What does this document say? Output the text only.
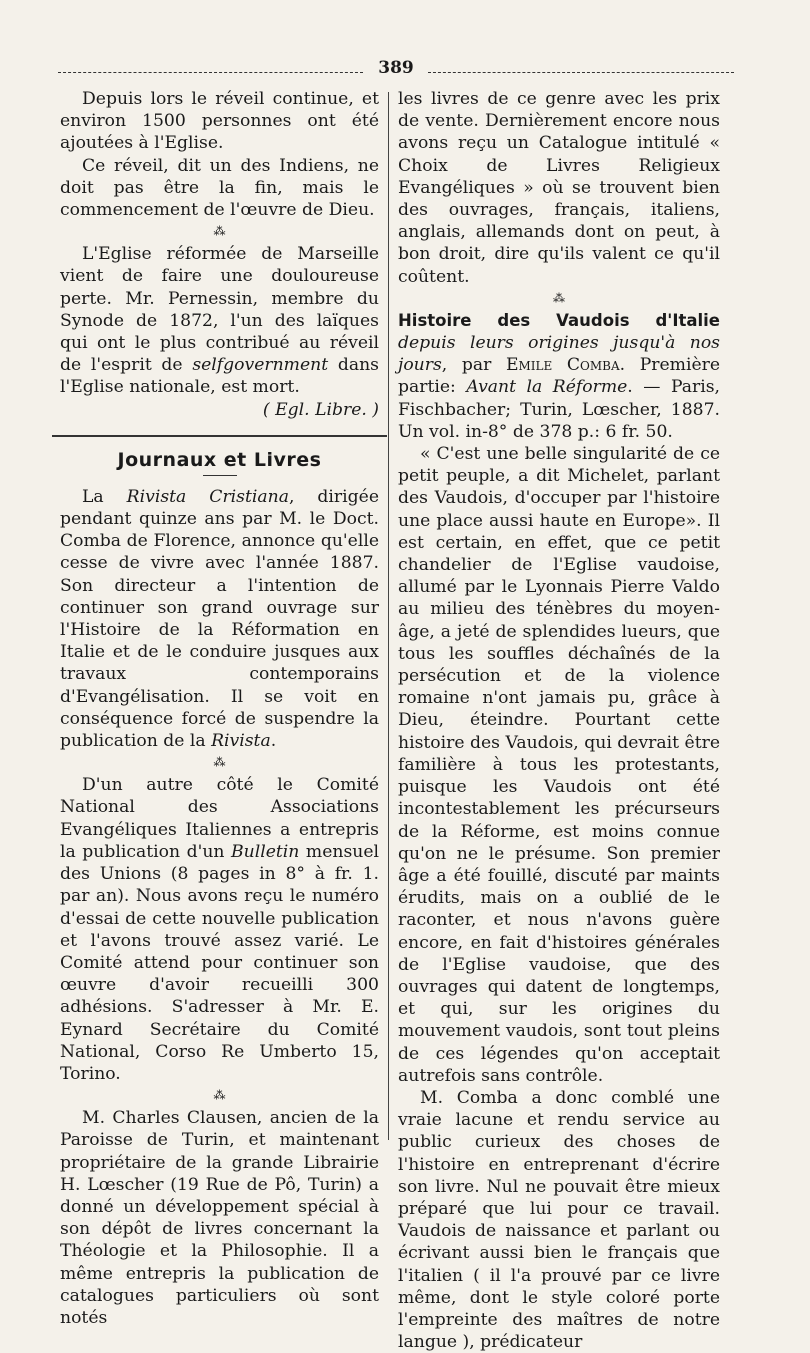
389

Depuis lors le réveil continue, et environ 1500 personnes ont été ajoutées à l'Eglise.

Ce réveil, dit un des Indiens, ne doit pas être la fin, mais le commencement de l'œuvre de Dieu.

⁂

L'Eglise réformée de Marseille vient de faire une douloureuse perte. Mr. Pernessin, membre du Synode de 1872, l'un des laïques qui ont le plus contribué au réveil de l'esprit de selfgovernment dans l'Eglise nationale, est mort.

( Egl. Libre. )

Journaux et Livres

La Rivista Cristiana, dirigée pendant quinze ans par M. le Doct. Comba de Florence, annonce qu'elle cesse de vivre avec l'année 1887. Son directeur a l'intention de continuer son grand ouvrage sur l'Histoire de la Réformation en Italie et de le conduire jusques aux travaux contemporains d'Evangélisation. Il se voit en conséquence forcé de suspendre la publication de la Rivista.

⁂

D'un autre côté le Comité National des Associations Evangéliques Italiennes a entrepris la publication d'un Bulletin mensuel des Unions (8 pages in 8° à fr. 1. par an). Nous avons reçu le numéro d'essai de cette nouvelle publication et l'avons trouvé assez varié. Le Comité attend pour continuer son œuvre d'avoir recueilli 300 adhésions. S'adresser à Mr. E. Eynard Secrétaire du Comité National, Corso Re Umberto 15, Torino.

⁂

M. Charles Clausen, ancien de la Paroisse de Turin, et maintenant propriétaire de la grande Librairie H. Lœscher (19 Rue de Pô, Turin) a donné un développement spécial à son dépôt de livres concernant la Théologie et la Philosophie. Il a même entrepris la publication de catalogues particuliers où sont notés

les livres de ce genre avec les prix de vente. Dernièrement encore nous avons reçu un Catalogue intitulé « Choix de Livres Religieux Evangéliques » où se trouvent bien des ouvrages, français, italiens, anglais, allemands dont on peut, à bon droit, dire qu'ils valent ce qu'il coûtent.

⁂

Histoire des Vaudois d'Italie depuis leurs origines jusqu'à nos jours, par Emile Comba. Première partie: Avant la Réforme. — Paris, Fischbacher; Turin, Lœscher, 1887. Un vol. in-8° de 378 p.: 6 fr. 50.

« C'est une belle singularité de ce petit peuple, a dit Michelet, parlant des Vaudois, d'occuper par l'histoire une place aussi haute en Europe». Il est certain, en effet, que ce petit chandelier de l'Eglise vaudoise, allumé par le Lyonnais Pierre Valdo au milieu des ténèbres du moyen-âge, a jeté de splendides lueurs, que tous les souffles déchaînés de la persécution et de la violence romaine n'ont jamais pu, grâce à Dieu, éteindre. Pourtant cette histoire des Vaudois, qui devrait être familière à tous les protestants, puisque les Vaudois ont été incontestablement les précurseurs de la Réforme, est moins connue qu'on ne le présume. Son premier âge a été fouillé, discuté par maints érudits, mais on a oublié de le raconter, et nous n'avons guère encore, en fait d'histoires générales de l'Eglise vaudoise, que des ouvrages qui datent de longtemps, et qui, sur les origines du mouvement vaudois, sont tout pleins de ces légendes qu'on acceptait autrefois sans contrôle.

M. Comba a donc comblé une vraie lacune et rendu service au public curieux des choses de l'histoire en entreprenant d'écrire son livre. Nul ne pouvait être mieux préparé que lui pour ce travail. Vaudois de naissance et parlant ou écrivant aussi bien le français que l'italien ( il l'a prouvé par ce livre même, dont le style coloré porte l'empreinte des maîtres de notre langue ), prédicateur
